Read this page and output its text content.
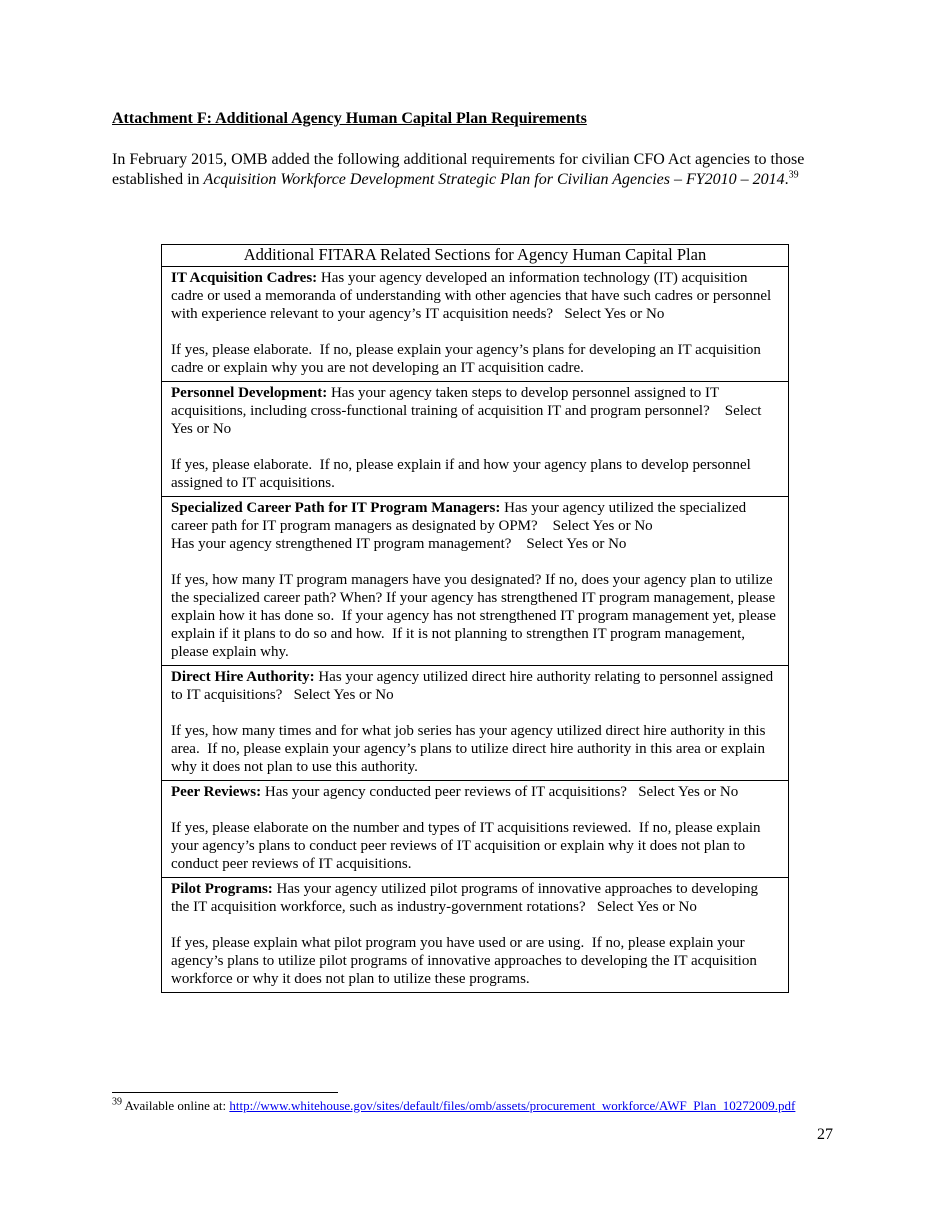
Attachment F: Additional Agency Human Capital Plan Requirements
In February 2015, OMB added the following additional requirements for civilian CFO Act agencies to those established in Acquisition Workforce Development Strategic Plan for Civilian Agencies – FY2010 – 2014.39
Additional FITARA Related Sections for Agency Human Capital Plan

IT Acquisition Cadres: Has your agency developed an information technology (IT) acquisition cadre or used a memoranda of understanding with other agencies that have such cadres or personnel with experience relevant to your agency’s IT acquisition needs?   Select Yes or No
If yes, please elaborate.  If no, please explain your agency’s plans for developing an IT acquisition cadre or explain why you are not developing an IT acquisition cadre.

Personnel Development: Has your agency taken steps to develop personnel assigned to IT acquisitions, including cross-functional training of acquisition IT and program personnel?    Select Yes or No
If yes, please elaborate.  If no, please explain if and how your agency plans to develop personnel assigned to IT acquisitions.

Specialized Career Path for IT Program Managers: Has your agency utilized the specialized career path for IT program managers as designated by OPM?    Select Yes or No
Has your agency strengthened IT program management?    Select Yes or No
If yes, how many IT program managers have you designated? If no, does your agency plan to utilize the specialized career path? When? If your agency has strengthened IT program management, please explain how it has done so.  If your agency has not strengthened IT program management yet, please explain if it plans to do so and how.  If it is not planning to strengthen IT program management, please explain why.

Direct Hire Authority: Has your agency utilized direct hire authority relating to personnel assigned to IT acquisitions?   Select Yes or No
If yes, how many times and for what job series has your agency utilized direct hire authority in this area.  If no, please explain your agency’s plans to utilize direct hire authority in this area or explain why it does not plan to use this authority.

Peer Reviews: Has your agency conducted peer reviews of IT acquisitions?   Select Yes or No
If yes, please elaborate on the number and types of IT acquisitions reviewed.  If no, please explain your agency’s plans to conduct peer reviews of IT acquisition or explain why it does not plan to conduct peer reviews of IT acquisitions.

Pilot Programs: Has your agency utilized pilot programs of innovative approaches to developing the IT acquisition workforce, such as industry-government rotations?   Select Yes or No
If yes, please explain what pilot program you have used or are using.  If no, please explain your agency’s plans to utilize pilot programs of innovative approaches to developing the IT acquisition workforce or why it does not plan to utilize these programs.
$^{39}$ Available online at: http://www.whitehouse.gov/sites/default/files/omb/assets/procurement_workforce/AWF_Plan_10272009.pdf
27
